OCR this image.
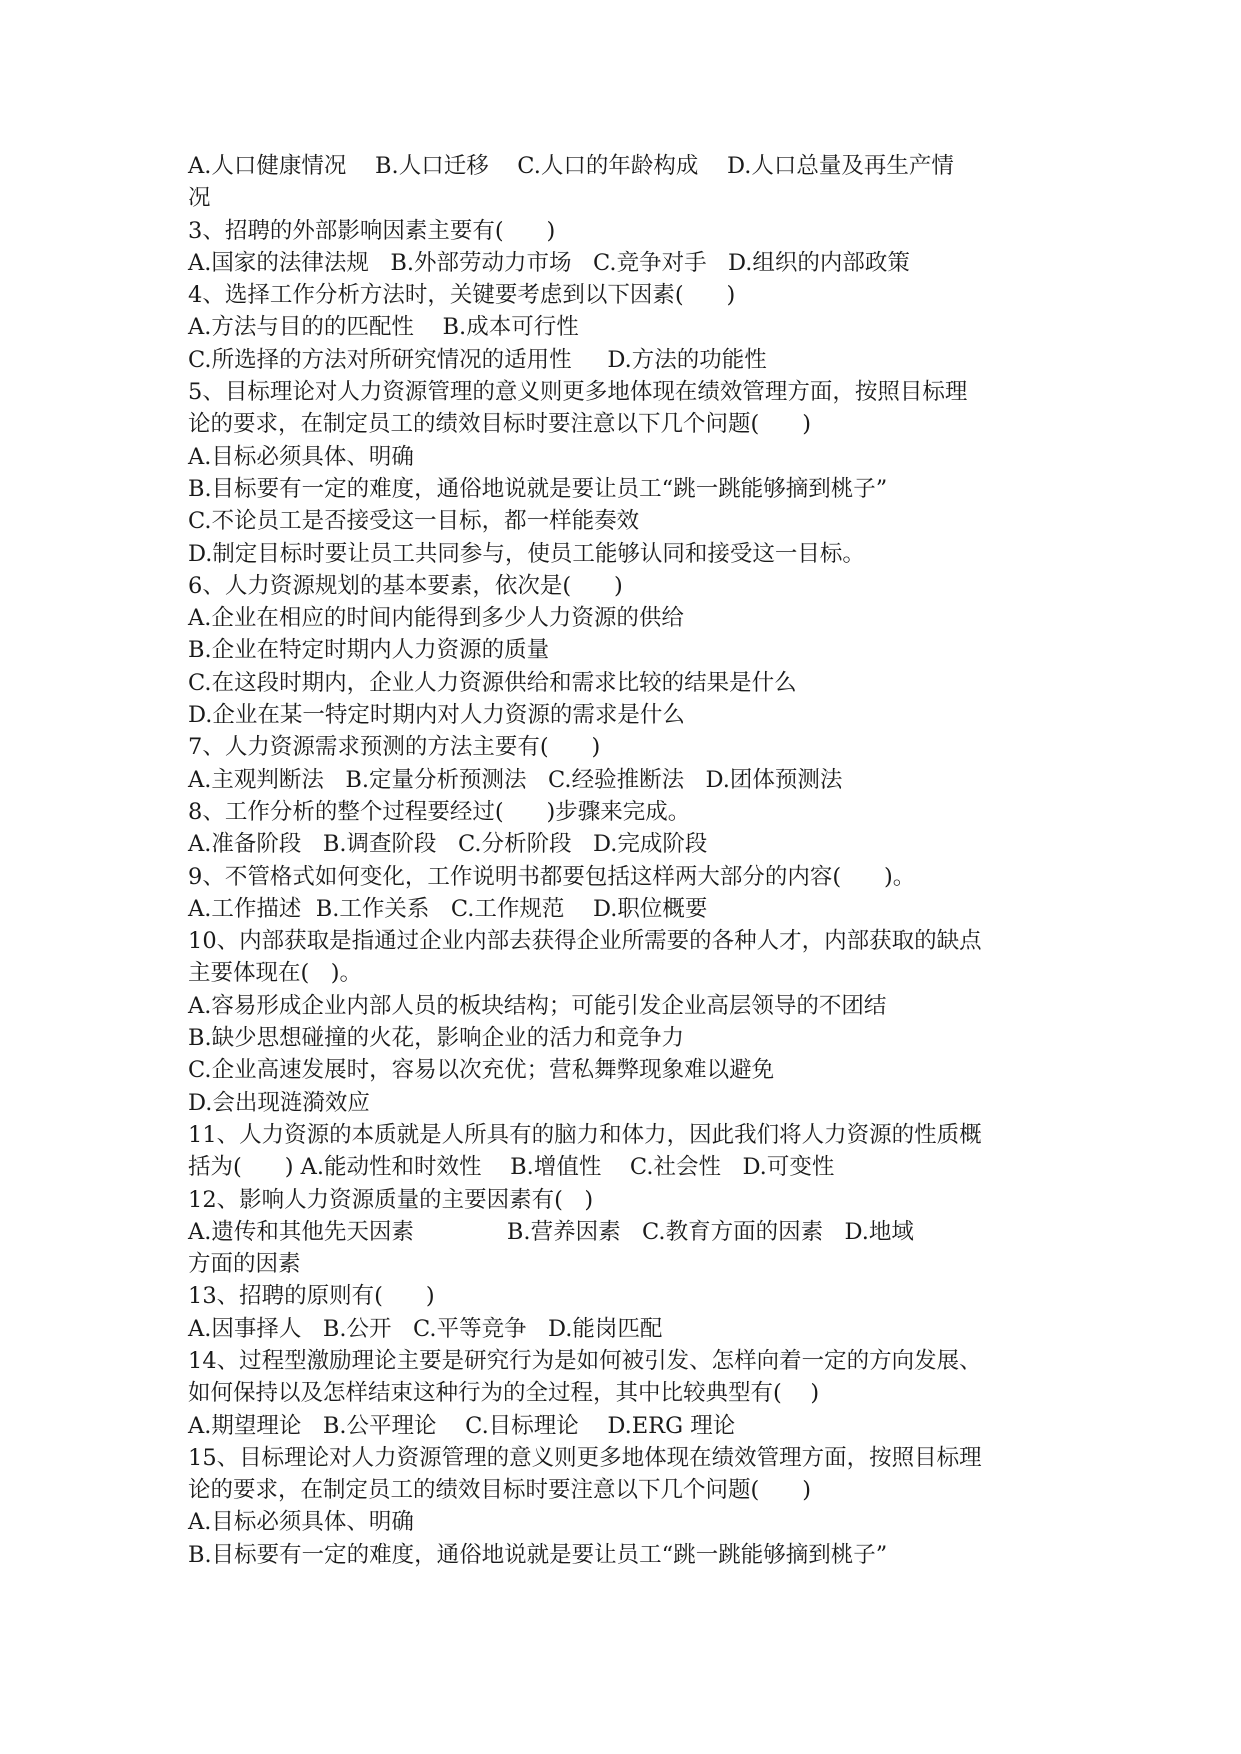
A.人口健康情况    B.人口迁移    C.人口的年龄构成    D.人口总量及再生产情
况
3、招聘的外部影响因素主要有(      )
A.国家的法律法规   B.外部劳动力市场   C.竞争对手   D.组织的内部政策
4、选择工作分析方法时，关键要考虑到以下因素(      )
A.方法与目的的匹配性    B.成本可行性
C.所选择的方法对所研究情况的适用性     D.方法的功能性
5、目标理论对人力资源管理的意义则更多地体现在绩效管理方面，按照目标理
论的要求，在制定员工的绩效目标时要注意以下几个问题(      )
A.目标必须具体、明确
B.目标要有一定的难度，通俗地说就是要让员工“跳一跳能够摘到桃子”
C.不论员工是否接受这一目标，都一样能奏效
D.制定目标时要让员工共同参与，使员工能够认同和接受这一目标。
6、人力资源规划的基本要素，依次是(      )
A.企业在相应的时间内能得到多少人力资源的供给
B.企业在特定时期内人力资源的质量
C.在这段时期内，企业人力资源供给和需求比较的结果是什么
D.企业在某一特定时期内对人力资源的需求是什么
7、人力资源需求预测的方法主要有(      )
A.主观判断法   B.定量分析预测法   C.经验推断法   D.团体预测法
8、工作分析的整个过程要经过(      )步骤来完成。
A.准备阶段   B.调查阶段   C.分析阶段   D.完成阶段
9、不管格式如何变化，工作说明书都要包括这样两大部分的内容(      )。
A.工作描述  B.工作关系   C.工作规范    D.职位概要
10、内部获取是指通过企业内部去获得企业所需要的各种人才，内部获取的缺点
主要体现在(   )。
A.容易形成企业内部人员的板块结构；可能引发企业高层领导的不团结
B.缺少思想碰撞的火花，影响企业的活力和竞争力
C.企业高速发展时，容易以次充优；营私舞弊现象难以避免
D.会出现涟漪效应
11、人力资源的本质就是人所具有的脑力和体力，因此我们将人力资源的性质概
括为(      ) A.能动性和时效性    B.增值性    C.社会性   D.可变性
12、影响人力资源质量的主要因素有(   )
A.遗传和其他先天因素             B.营养因素   C.教育方面的因素   D.地域
方面的因素
13、招聘的原则有(      )
A.因事择人   B.公开   C.平等竞争   D.能岗匹配
14、过程型激励理论主要是研究行为是如何被引发、怎样向着一定的方向发展、
如何保持以及怎样结束这种行为的全过程，其中比较典型有(    )
A.期望理论   B.公平理论    C.目标理论    D.ERG 理论
15、目标理论对人力资源管理的意义则更多地体现在绩效管理方面，按照目标理
论的要求，在制定员工的绩效目标时要注意以下几个问题(      )
A.目标必须具体、明确
B.目标要有一定的难度，通俗地说就是要让员工“跳一跳能够摘到桃子”
